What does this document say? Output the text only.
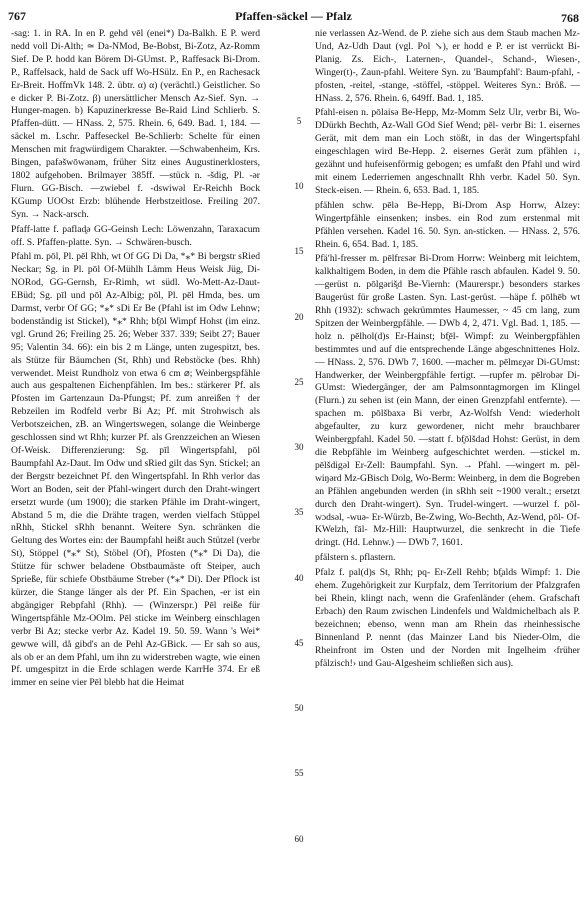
767	Pfaffen-säckel — Pfalz	768
-sag: 1. in RA. In en P. gehd vēl (enei*) Da-Balkh. E P. werd nedd voll Di-Alth; ≃ Da-NMod, Be-Bobst, Bi-Zotz, Az-Romm Sief. De P. hodd kan Börem Di-GUmst. P., Raffesack Bi-Drom. P., Raffelsack, hald de Sack uff Wo-HSülz. En P., en Rachesack Er-Breit. HoffmVk 148. 2. übtr. α) α) (verächtl.) Geistlicher. So e dicker P. Bi-Zotz. β) unersättlicher Mensch Az-Sief. Syn. → Hunger-magen. b) Kapuzinerkresse Be-Raid Lind Schlierb. S. Pfaffen-dütt. — HNass. 2, 575. Rhein. 6, 649. Bad. 1, 184. —säckel m. Lschr. Paffeseckel Be-Schlierb: Schelte für einen Menschen mit fragwürdigem Charakter. —Schwabenheim, Krs. Bingen, pafəšwōwənəm, früher Sitz eines Augustinerklosters, 1802 aufgehoben. Brilmayer 385ff. —stück n. -šdig, Pl. -ər Flurn. GG-Bisch. —zwiebel f. -dswiwəl Er-Reichh Bock KGump UOOst Erzb: blühende Herbstzeitlose. Freiling 207. Syn. → Nack-arsch.
Pfaff-latte f. paflad̥ə GG-Geinsh Lech: Löwenzahn, Taraxacum off. S. Pfaffen-platte. Syn. → Schwären-busch.
Pfahl m. pōl, Pl. pēl Rhh, wt Of GG Di Da, *⁎* Bi bergstr sRied Neckar; Sg. in Pl. pōl Of-Mühlh Lämm Heus Weisk Jüg, Di-NORod, GG-Gernsh, Er-Rimh, wt südl. Wo-Mett-Az-Daut-EBüd; Sg. pīl und pōl Az-Albig; pōl, Pl. pēl Hmda, bes. um Darmst, verbr Of GG; *⁎* sDi Er Be (Pfahl ist im Odw Lehnw; bodenständig ist Stickel), *⁎* Rhh; bf̥ōl Wimpf Hohst (im einz. vgl. Grund 26; Freiling 25. 26; Weber 337. 339; Seibt 27; Bauer 95; Valentin 34. 66): ein bis 2 m Länge, unten zugespitzt, bes. als Stütze für Bäumchen (St, Rhh) und Rebstöcke (bes. Rhh) verwendet. Meist Rundholz von etwa 6 cm ⌀; Weinbergspfähle auch aus gespaltenen Eichenpfählen. Im bes.: stärkerer Pf. als Pfosten im Gartenzaun Da-Pfungst; Pf. zum anreißen † der Rebzeilen im Rodfeld verbr Bi Az; Pf. mit Strohwisch als Verbotszeichen, zB. an Wingertswegen, solange die Weinberge geschlossen sind wt Rhh; kurzer Pf. als Grenzzeichen an Wiesen Of-Weisk. Differenzierung: Sg. pīl Wingertspfahl, pōl Baumpfahl Az-Daut. Im Odw und sRied gilt das Syn. Stickel; an der Bergstr bezeichnet Pf. den Wingertspfahl. In Rhh verlor das Wort an Boden, seit der Pfahl-wingert durch den Draht-wingert ersetzt wurde (um 1900); die starken Pfähle im Draht-wingert, Abstand 5 m, die die Drähte tragen, werden vielfach Stüppel nRhh, Stickel sRhh benannt. Weitere Syn. schränken die Geltung des Wortes ein: der Baumpfahl heißt auch Stützel (verbr St), Stöppel (*⁎* St), Stöbel (Of), Pfosten (*⁎* Di Da), die Stütze für schwer beladene Obstbaumäste oft Steiper, auch Sprieße, für schiefe Obstbäume Streber (*⁎* Di). Der Pflock ist kürzer, die Stange länger als der Pf. Ein Spachen, -er ist ein abgängiger Rebpfahl (Rhh). — (Winzerspr.) Pēl reiße für Wingertspfähle Mz-OOlm. Pēl sticke im Weinberg einschlagen verbr Bi Az; stecke verbr Az. Kadel 19. 50. 59. Wann 's Wei* gewwe will, då gibd's an de Pehl Az-GBick. — Er sah so aus, als ob er an dem Pfahl, um ihn zu widerstreben wagte, wie einen Pf. umgespitzt in die Erde schlagen werde KarrHe 374. Er eß immer en seine vier Pēl blebb hat die Heimat
5
10
15
20
25
30
35
40
45
50
55
60
nie verlassen Az-Wend. de P. ziehe sich aus dem Staub machen Mz-Und, Az-Udh Daut (vgl. Pol ↘), er hodd e P. er ist verrückt Bi-Planig. Zs. Eich-, Laternen-, Quandel-, Schand-, Wiesen-, Winger(t)-, Zaun-pfahl. Weitere Syn. zu 'Baumpfahl': Baum-pfahl, -pfosten, -reitel, -stange, -stöffel, -stöppel. Weiteres Syn.: Bröß. — HNass. 2, 576. Rhein. 6, 649ff. Bad. 1, 185.
Pfahl-eisen n. pōlaisə Be-Hepp, Mz-Momm Selz Ulr, verbr Bi, Wo-DDürkh Bechth, Az-Wall GOd Sief Wend; pēl- verbr Bi: 1. eisernes Gerät, mit dem man ein Loch stößt, in das der Wingertspfahl eingeschlagen wird Be-Hepp. 2. eisernes Gerät zum pfählen ↓, gezähnt und hufeisenförmig gebogen; es umfaßt den Pfahl und wird mit einem Lederriemen angeschnallt Rhh verbr. Kadel 50. Syn. Steck-eisen. — Rhein. 6, 653. Bad. 1, 185.
pfählen schw. pēlə Be-Hepp, Bi-Drom Asp Horrw, Alzey: Wingertpfähle einsenken; insbes. ein Rod zum erstenmal mit Pfählen versehen. Kadel 16. 50. Syn. an-sticken. — HNass. 2, 576. Rhein. 6, 654. Bad. 1, 185.
Pfäʹhl-fresser m. pēlfrɛsər Bi-Drom Horrw: Weinberg mit leichtem, kalkhaltigem Boden, in dem die Pfähle rasch abfaulen. Kadel 9. 50. —gerüst n. pōlgəriš̥d Be-Viernh: (Maurerspr.) besonders starkes Baugerüst für große Lasten. Syn. Last-gerüst. —häpe f. pōlhēb wt Rhh (1932): schwach gekrümmtes Haumesser, ~ 45 cm lang, zum Spitzen der Weinbergpfähle. — DWb 4, 2, 471. Vgl. Bad. 1, 185. —holz n. pēlhol(d)s Er-Hainst; bf̥ēl- Wimpf: zu Weinbergpfählen bestimmtes und auf die entsprechende Länge abgeschnittenes Holz. — HNass. 2, 576. DWb 7, 1600. —macher m. pēlmɛχər Di-GUmst: Handwerker, der Weinbergpfähle fertigt. —rupfer m. pēlrobər Di-GUmst: Wiedergänger, der am Palmsonntagmorgen im Klingel (Flurn.) zu sehen ist (ein Mann, der einen Grenzpfahl entfernte). —spachen m. pōlšbaxə Bi verbr, Az-Wolfsh Vend: wiederholt abgefaulter, zu kurz gewordener, nicht mehr brauchbarer Weinbergpfahl. Kadel 50. —statt f. bf̥ōlšdad Hohst: Gerüst, in dem die Rebpfähle im Weinberg aufgeschichtet werden. —stickel m. pēlšdigəl Er-Zell: Baumpfahl. Syn. → Pfahl. —wingert m. pēl-wiŋərd Mz-GBisch Dolg, Wo-Berm: Weinberg, in dem die Bogreben an Pfählen angebunden werden (in sRhh seit ~1900 veralt.; ersetzt durch den Draht-wingert). Syn. Trudel-wingert. —wurzel f. pōl-wɔdsəl, -wuə- Er-Würzb, Be-Zwing, Wo-Bechth, Az-Wend, pōl- Of-KWelzh, fāl- Mz-Hill: Hauptwurzel, die senkrecht in die Tiefe dringt. (Hd. Lehnw.) — DWb 7, 1601.
pfälstern s. pflastern.
Pfalz f. pal(d)s St, Rhh; pq- Er-Zell Rehb; bf̥alds Wimpf: 1. Die ehem. Zugehörigkeit zur Kurpfalz, dem Territorium der Pfalzgrafen bei Rhein, klingt nach, wenn die Grafenländer (ehem. Grafschaft Erbach) den Raum zwischen Lindenfels und Waldmichelbach als P. bezeichnen; ebenso, wenn man am Rhein das rheinhessische Binnenland P. nennt (das Mainzer Land bis Nieder-Olm, die Rheinfront im Osten und der Norden mit Ingelheim ‹früher pfälzisch!› und Gau-Algesheim schließen sich aus).
